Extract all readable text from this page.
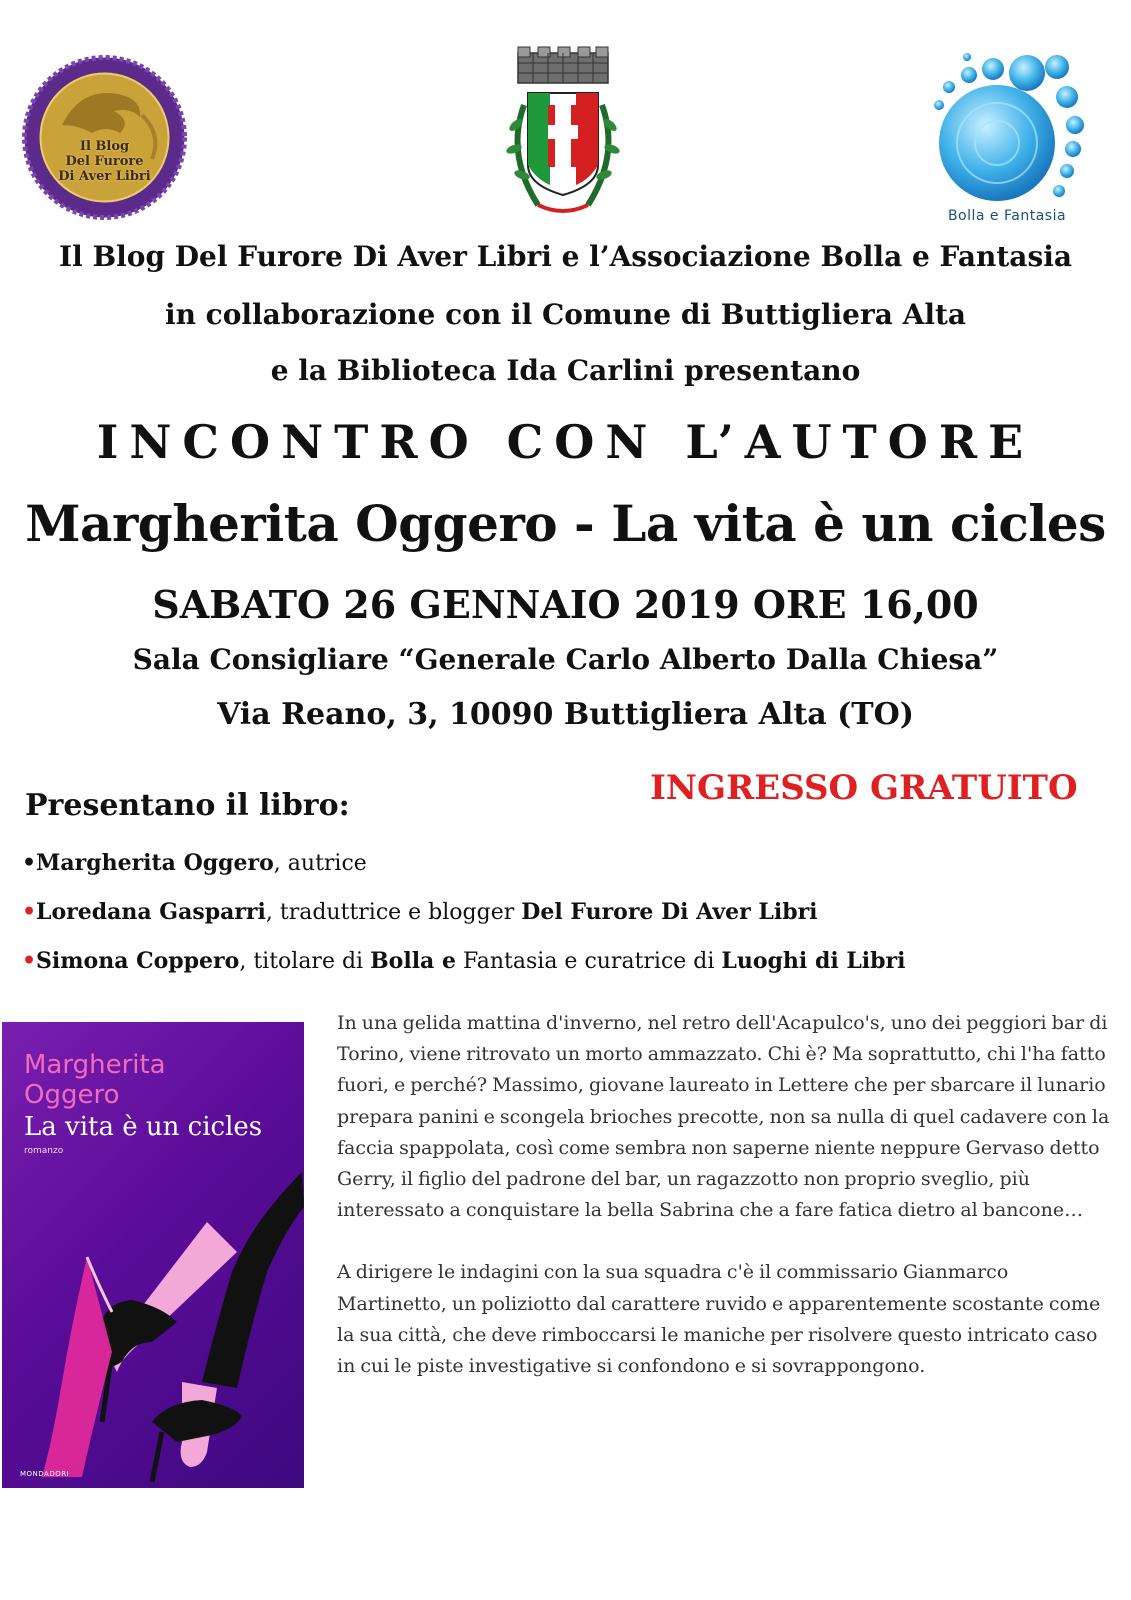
Il Blog
Del Furore
Di Aver Libri
Bolla e Fantasia
Il Blog Del Furore Di Aver Libri e l’Associazione Bolla e Fantasia
in collaborazione con il Comune di Buttigliera Alta
e la Biblioteca Ida Carlini presentano
INCONTRO CON L’AUTORE
Margherita Oggero - La vita è un cicles
SABATO 26 GENNAIO 2019 ORE 16,00
Sala Consigliare “Generale Carlo Alberto Dalla Chiesa”
Via Reano, 3, 10090 Buttigliera Alta (TO)
INGRESSO GRATUITO
Presentano il libro:
•Margherita Oggero, autrice
•Loredana Gasparri, traduttrice e blogger Del Furore Di Aver Libri
•Simona Coppero, titolare di Bolla e Fantasia e curatrice di Luoghi di Libri
Margherita
Oggero
La vita è un cicles
romanzo
MONDADORI

In una gelida mattina d'inverno, nel retro dell'Acapulco's, uno dei peggiori bar di Torino, viene ritrovato un morto ammazzato. Chi è? Ma soprattutto, chi l'ha fatto fuori, e perché? Massimo, giovane laureato in Lettere che per sbarcare il lunario prepara panini e scongela brioches precotte, non sa nulla di quel cadavere con la faccia spappolata, così come sembra non saperne niente neppure Gervaso detto Gerry, il figlio del padrone del bar, un ragazzotto non proprio sveglio, più interessato a conquistare la bella Sabrina che a fare fatica dietro al bancone…

A dirigere le indagini con la sua squadra c'è il commissario Gianmarco Martinetto, un poliziotto dal carattere ruvido e apparentemente scostante come la sua città, che deve rimboccarsi le maniche per risolvere questo intricato caso in cui le piste investigative si confondono e si sovrappongono.
